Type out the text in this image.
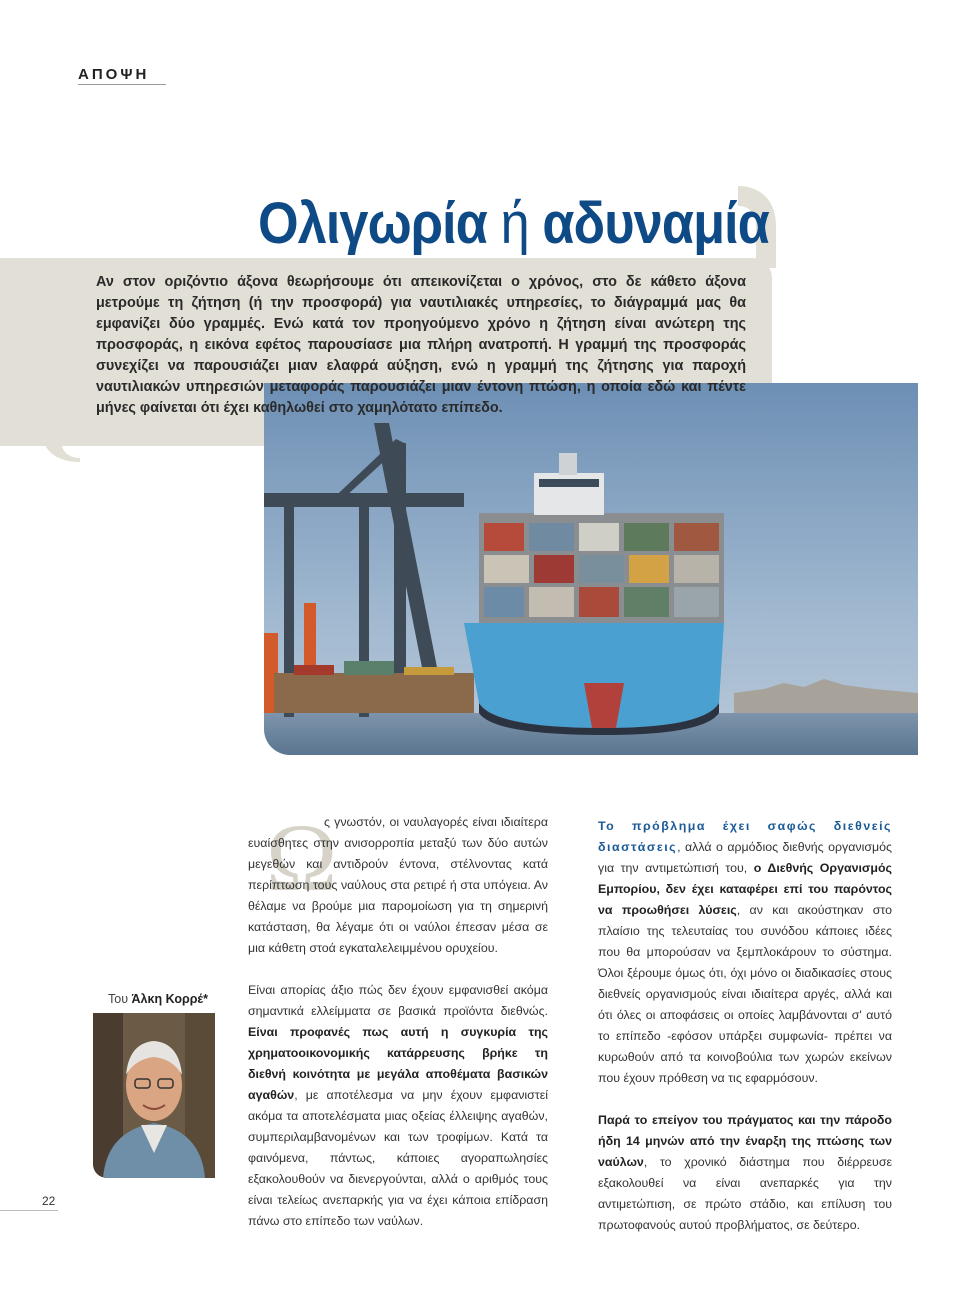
ΑΠΟΨΗ
Ολιγωρία ή αδυναμία
Αν στον οριζόντιο άξονα θεωρήσουμε ότι απεικονίζεται ο χρόνος, στο δε κάθετο άξονα μετρούμε τη ζήτηση (ή την προσφορά) για ναυτιλιακές υπηρεσίες, το διάγραμμά μας θα εμφανίζει δύο γραμμές. Ενώ κατά τον προηγούμενο χρόνο η ζήτηση είναι ανώτερη της προσφοράς, η εικόνα εφέτος παρουσίασε μια πλήρη ανατροπή. Η γραμμή της προσφοράς συνεχίζει να παρουσιάζει μιαν ελαφρά αύξηση, ενώ η γραμμή της ζήτησης για παροχή ναυτιλιακών υπηρεσιών μεταφοράς παρουσιάζει μιαν έντονη πτώση, η οποία εδώ και πέντε μήνες φαίνεται ότι έχει καθηλωθεί στο χαμηλότατο επίπεδο.
Ω

ς γνωστόν, οι ναυλαγορές είναι ιδιαίτερα ευαίσθητες στην ανισορροπία μεταξύ των δύο αυτών μεγεθών και αντιδρούν έντονα, στέλνοντας κατά περίπτωση τους ναύλους στα ρετιρέ ή στα υπόγεια. Αν θέλαμε να βρούμε μια παρομοίωση για τη σημερινή κατάσταση, θα λέγαμε ότι οι ναύλοι έπεσαν μέσα σε μια κάθετη στοά εγκαταλελειμμένου ορυχείου.

Είναι απορίας άξιο πώς δεν έχουν εμφανισθεί ακόμα σημαντικά ελλείμματα σε βασικά προϊόντα διεθνώς. Είναι προφανές πως αυτή η συγκυρία της χρηματοοικονομικής κατάρρευσης βρήκε τη διεθνή κοινότητα με μεγάλα αποθέματα βασικών αγαθών, με αποτέλεσμα να μην έχουν εμφανιστεί ακόμα τα αποτελέσματα μιας οξείας έλλειψης αγαθών, συμπεριλαμβανομένων και των τροφίμων. Κατά τα φαινόμενα, πάντως, κάποιες αγοραπωλησίες εξακολουθούν να διενεργούνται, αλλά ο αριθμός τους είναι τελείως ανεπαρκής για να έχει κάποια επίδραση πάνω στο επίπεδο των ναύλων.

Το πρόβλημα έχει σαφώς διεθνείς διαστάσεις, αλλά ο αρμόδιος διεθνής οργανισμός για την αντιμετώπισή του, ο Διεθνής Οργανισμός Εμπορίου, δεν έχει καταφέρει επί του παρόντος να προωθήσει λύσεις, αν και ακούστηκαν στο πλαίσιο της τελευταίας του συνόδου κάποιες ιδέες που θα μπορούσαν να ξεμπλοκάρουν το σύστημα. Όλοι ξέρουμε όμως ότι, όχι μόνο οι διαδικασίες στους διεθνείς οργανισμούς είναι ιδιαίτερα αργές, αλλά και ότι όλες οι αποφάσεις οι οποίες λαμβάνονται σ' αυτό το επίπεδο -εφόσον υπάρξει συμφωνία- πρέπει να κυρωθούν από τα κοινοβούλια των χωρών εκείνων που έχουν πρόθεση να τις εφαρμόσουν.

Παρά το επείγον του πράγματος και την πάροδο ήδη 14 μηνών από την έναρξη της πτώσης των ναύλων, το χρονικό διάστημα που διέρρευσε εξακολουθεί να είναι ανεπαρκές για την αντιμετώπιση, σε πρώτο στάδιο, και επίλυση του πρωτοφανούς αυτού προβλήματος, σε δεύτερο.

Του Άλκη Κορρέ*
22
